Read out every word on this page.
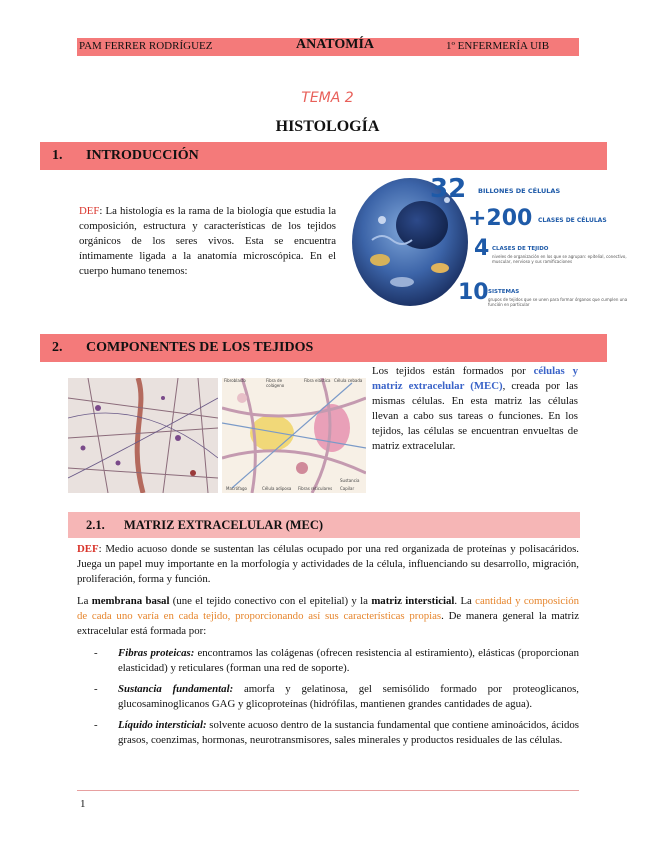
PAM FERRER RODRÍGUEZ	ANATOMÍA	1º ENFERMERÍA UIB
TEMA 2
HISTOLOGÍA
1. INTRODUCCIÓN
DEF: La histología es la rama de la biología que estudia la composición, estructura y características de los tejidos orgánicos de los seres vivos. Esta se encuentra íntimamente ligada a la anatomía microscópica. En el cuerpo humano tenemos:
32 BILLONES DE CÉLULAS
+200 CLASES DE CÉLULAS
4 CLASES DE TEJIDO
niveles de organización en los que se agrupan: epitelial, conectivo, muscular, nervioso y sus ramificaciones
10 SISTEMAS
grupos de tejidos que se unen para formar órganos que cumplen una función en particular
2. COMPONENTES DE LOS TEJIDOS
Fibroblasto	Fibra de colágeno
Fibra elástica Célula cebada
Macrófago	Célula adiposa Fibras reticulares Capilar
Sustancia
Los tejidos están formados por células y matriz extracelular (MEC), creada por las mismas células. En esta matriz las células llevan a cabo sus tareas o funciones. En los tejidos, las células se encuentran envueltas de matriz extracelular.
2.1. MATRIZ EXTRACELULAR (MEC)
DEF: Medio acuoso donde se sustentan las células ocupado por una red organizada de proteínas y polisacáridos. Juega un papel muy importante en la morfología y actividades de la célula, influenciando su desarrollo, migración, proliferación, forma y función.
La membrana basal (une el tejido conectivo con el epitelial) y la matriz intersticial. La cantidad y composición de cada uno varía en cada tejido, proporcionando así sus características propias. De manera general la matriz extracelular está formada por:
- Fibras proteicas: encontramos las colágenas (ofrecen resistencia al estiramiento), elásticas (proporcionan elasticidad) y reticulares (forman una red de soporte).
- Sustancia fundamental: amorfa y gelatinosa, gel semisólido formado por proteoglicanos, glucosaminoglicanos GAG y glicoproteínas (hidrófilas, mantienen grandes cantidades de agua).
- Líquido intersticial: solvente acuoso dentro de la sustancia fundamental que contiene aminoácidos, ácidos grasos, coenzimas, hormonas, neurotransmisores, sales minerales y productos residuales de las células.
1
